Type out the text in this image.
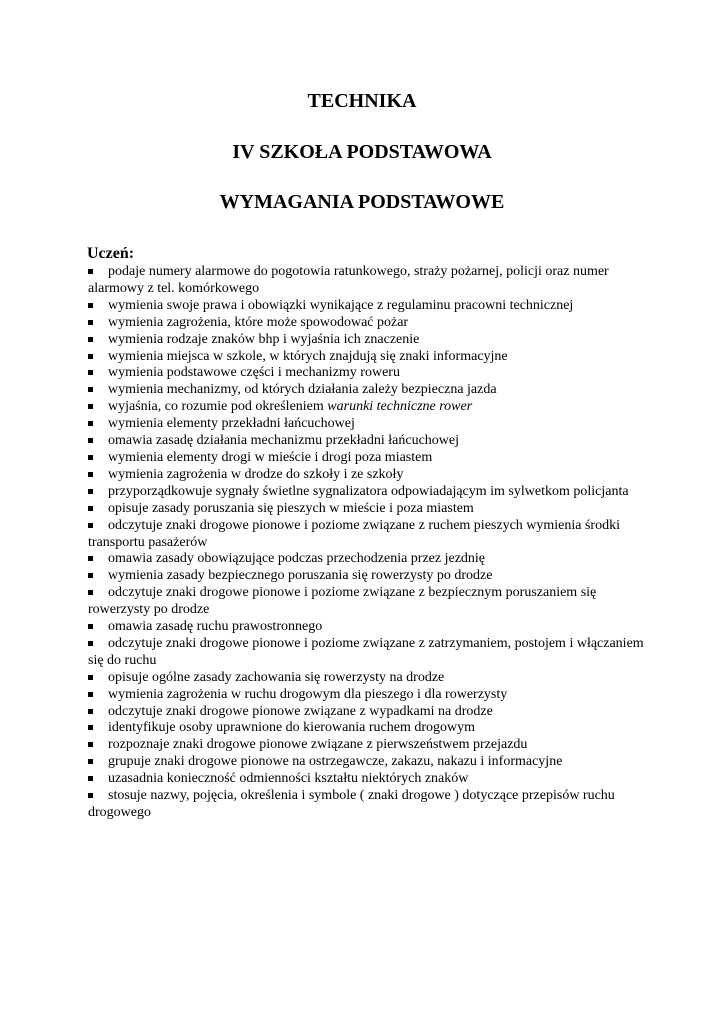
TECHNIKA
IV SZKOŁA PODSTAWOWA
WYMAGANIA PODSTAWOWE

Uczeń:

podaje numery alarmowe do pogotowia ratunkowego, straży pożarnej, policji oraz numer alarmowy z tel. komórkowego
wymienia swoje prawa i obowiązki wynikające z regulaminu pracowni technicznej
wymienia zagrożenia, które może spowodować pożar
wymienia rodzaje znaków bhp i wyjaśnia ich znaczenie
wymienia miejsca w szkole, w których znajdują się znaki informacyjne
wymienia podstawowe części i mechanizmy roweru
wymienia mechanizmy, od których działania zależy bezpieczna jazda
wyjaśnia, co rozumie pod określeniem warunki techniczne rower
wymienia elementy przekładni łańcuchowej
omawia zasadę działania mechanizmu przekładni łańcuchowej
wymienia elementy drogi w mieście i drogi poza miastem
wymienia zagrożenia w drodze do szkoły i ze szkoły
przyporządkowuje sygnały świetlne sygnalizatora odpowiadającym im sylwetkom policjanta
opisuje zasady poruszania się pieszych w mieście i poza miastem
odczytuje znaki drogowe pionowe i poziome związane z ruchem pieszych wymienia środki transportu pasażerów
omawia zasady obowiązujące podczas przechodzenia przez jezdnię
wymienia zasady bezpiecznego poruszania się rowerzysty po drodze
odczytuje znaki drogowe pionowe i poziome związane z bezpiecznym poruszaniem się rowerzysty po drodze
omawia zasadę ruchu prawostronnego
odczytuje znaki drogowe pionowe i poziome związane z zatrzymaniem, postojem i włączaniem się do ruchu
opisuje ogólne zasady zachowania się rowerzysty na drodze
wymienia zagrożenia w ruchu drogowym dla pieszego i dla rowerzysty
odczytuje znaki drogowe pionowe związane z wypadkami na drodze
identyfikuje osoby uprawnione do kierowania ruchem drogowym
rozpoznaje znaki drogowe pionowe związane z pierwszeństwem przejazdu
grupuje znaki drogowe pionowe na ostrzegawcze, zakazu, nakazu i informacyjne
uzasadnia konieczność odmienności kształtu niektórych znaków
stosuje nazwy, pojęcia, określenia i symbole ( znaki drogowe ) dotyczące przepisów ruchu drogowego
